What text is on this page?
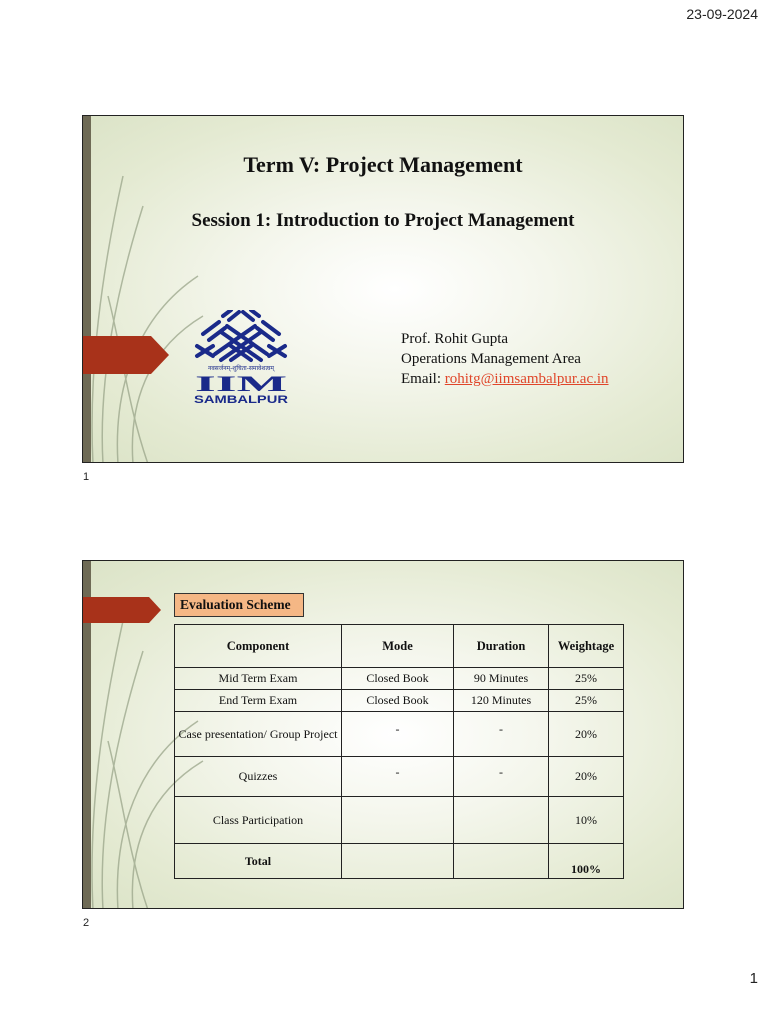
23-09-2024
Term V: Project Management
Session 1: Introduction to Project Management
नवसर्जनम्-शुचिता-समावेशत्वम्
IIM
SAMBALPUR
Prof. Rohit Gupta
Operations Management Area
Email: rohitg@iimsambalpur.ac.in
1
Evaluation Scheme
Component	Mode	Duration	Weightage
Mid Term Exam	Closed Book	90 Minutes	25%
End Term Exam	Closed Book	120 Minutes	25%
Case presentation/ Group Project	-	-	20%
Quizzes	-	-	20%
Class Participation			10%
Total			100%
2
1
